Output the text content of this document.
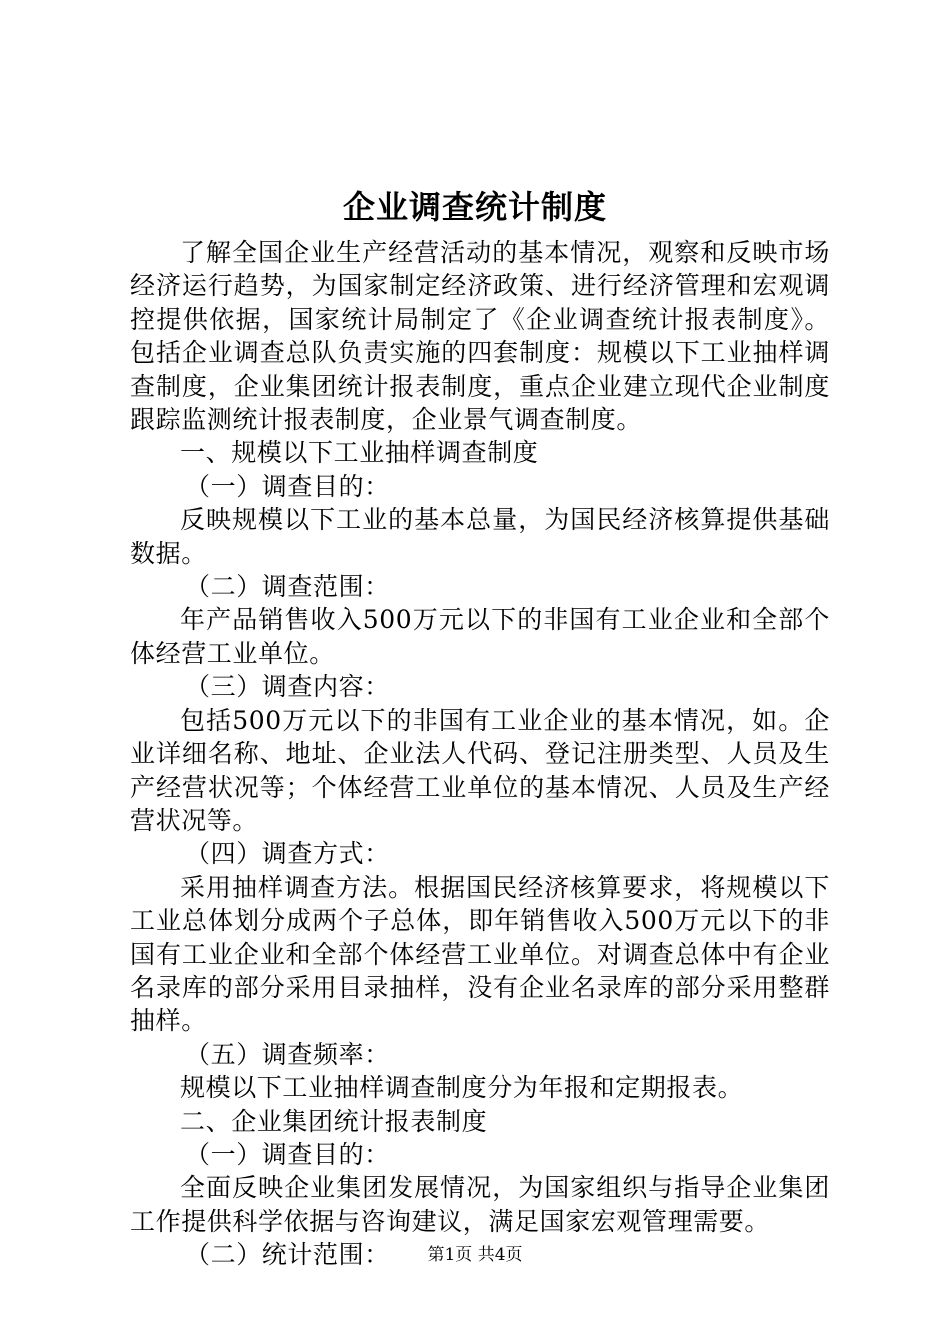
企业调查统计制度

了解全国企业生产经营活动的基本情况，观察和反映市场经济运行趋势，为国家制定经济政策、进行经济管理和宏观调控提供依据，国家统计局制定了《企业调查统计报表制度》。包括企业调查总队负责实施的四套制度：规模以下工业抽样调查制度，企业集团统计报表制度，重点企业建立现代企业制度跟踪监测统计报表制度，企业景气调查制度。

一、规模以下工业抽样调查制度

（一）调查目的：

反映规模以下工业的基本总量，为国民经济核算提供基础数据。

（二）调查范围：

年产品销售收入500万元以下的非国有工业企业和全部个体经营工业单位。

（三）调查内容：

包括500万元以下的非国有工业企业的基本情况，如。企业详细名称、地址、企业法人代码、登记注册类型、人员及生产经营状况等；个体经营工业单位的基本情况、人员及生产经营状况等。

（四）调查方式：

采用抽样调查方法。根据国民经济核算要求，将规模以下工业总体划分成两个子总体，即年销售收入500万元以下的非国有工业企业和全部个体经营工业单位。对调查总体中有企业名录库的部分采用目录抽样，没有企业名录库的部分采用整群抽样。

（五）调查频率：

规模以下工业抽样调查制度分为年报和定期报表。

二、企业集团统计报表制度

（一）调查目的：

全面反映企业集团发展情况，为国家组织与指导企业集团工作提供科学依据与咨询建议，满足国家宏观管理需要。

（二）统计范围：	第1页 共4页
